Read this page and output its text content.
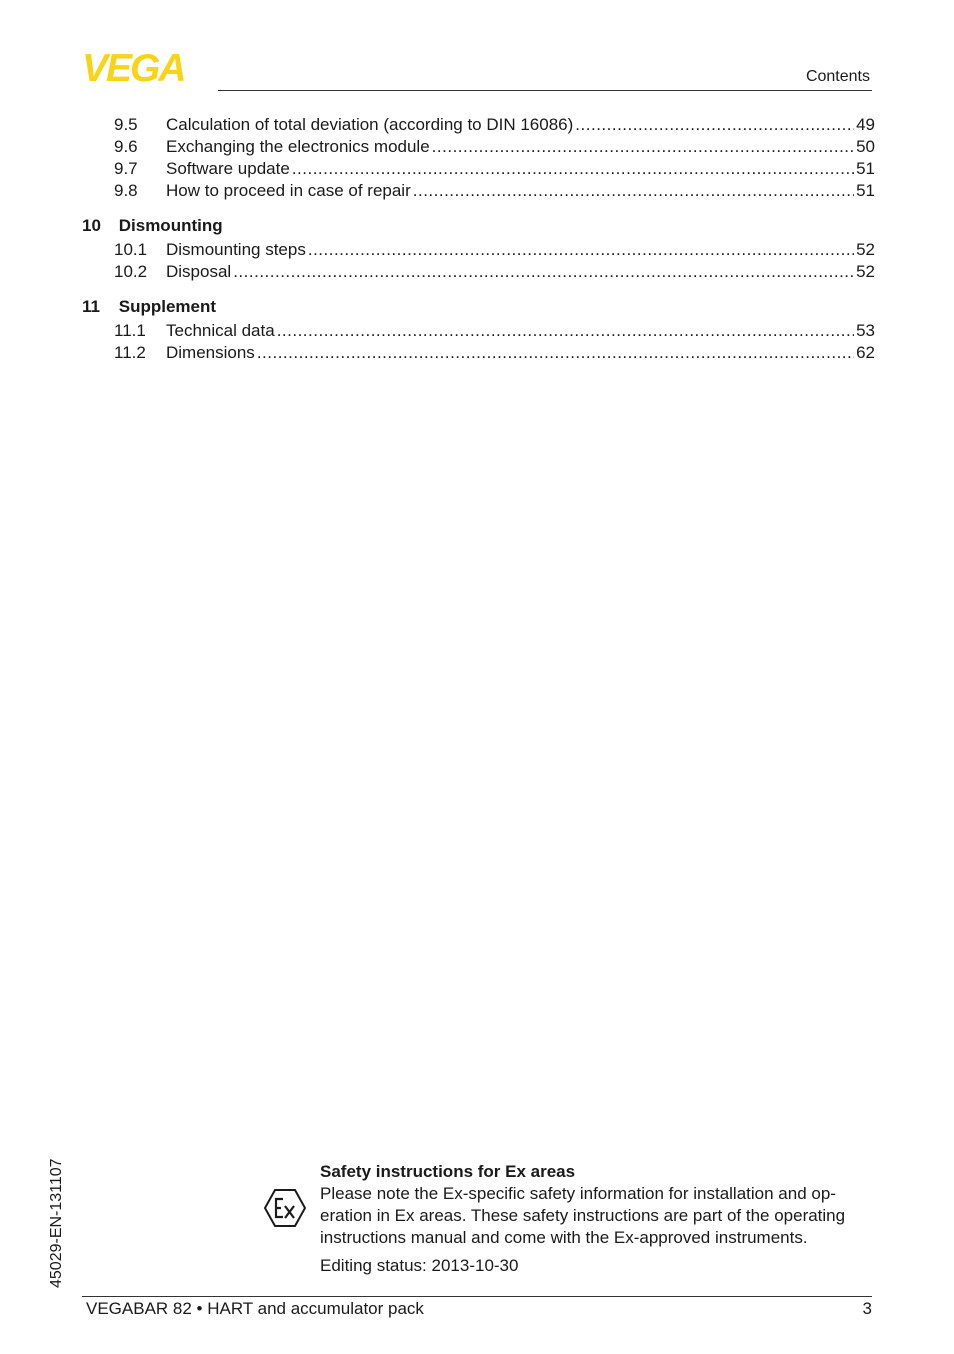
VEGA	Contents
9.5	Calculation of total deviation (according to DIN 16086) .....	49
9.6	Exchanging the electronics module .....	50
9.7	Software update .....	51
9.8	How to proceed in case of repair .....	51
10 Dismounting
10.1	Dismounting steps .....	52
10.2	Disposal .....	52
11 Supplement
11.1	Technical data .....	53
11.2	Dimensions .....	62
45029-EN-131107	Safety instructions for Ex areas
Please note the Ex-specific safety information for installation and op-
eration in Ex areas. These safety instructions are part of the operating
instructions manual and come with the Ex-approved instruments.
Editing status: 2013-10-30
VEGABAR 82 • HART and accumulator pack	3
